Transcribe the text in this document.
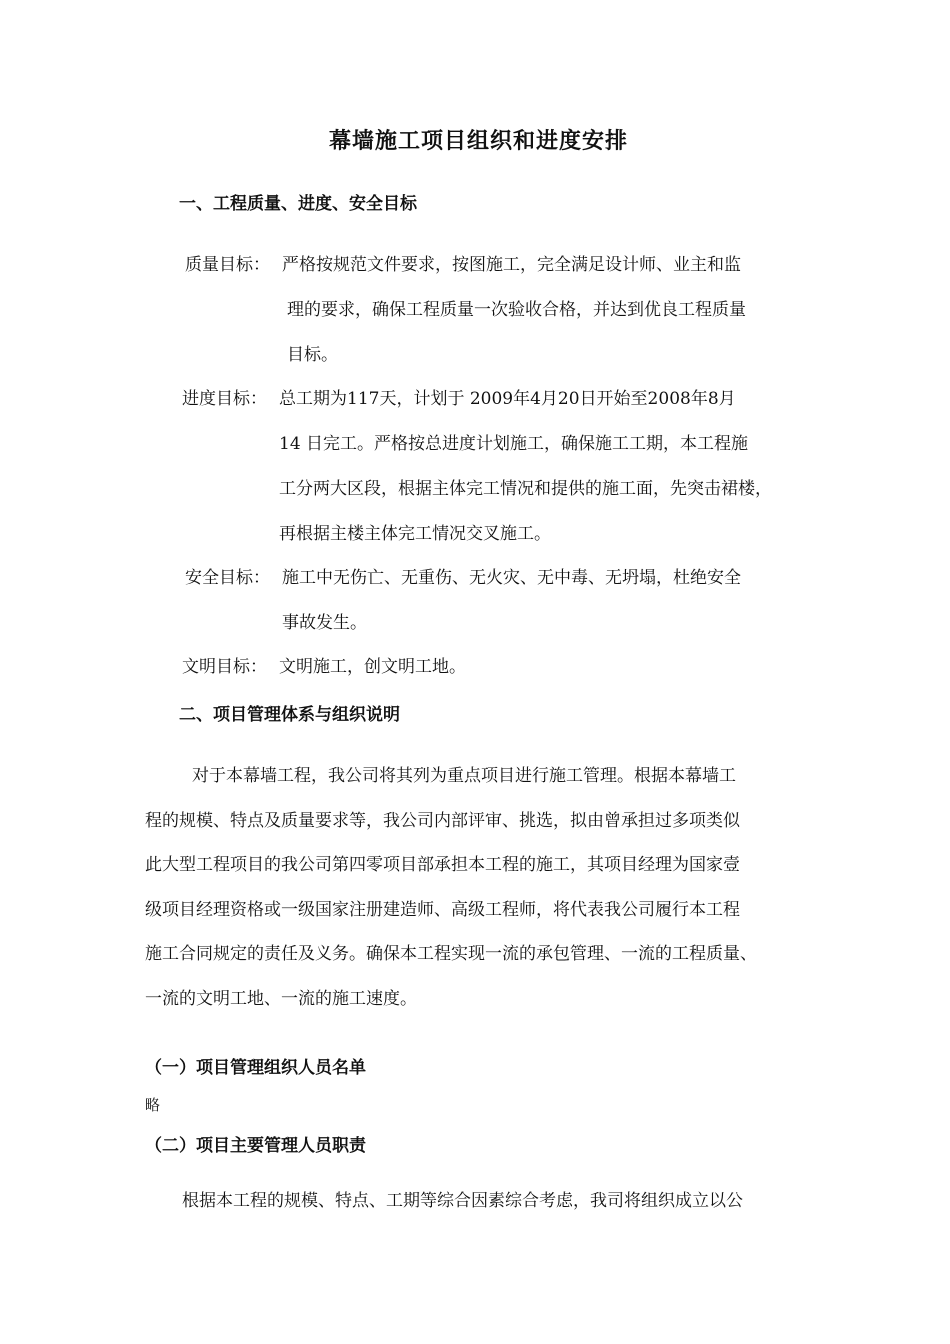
幕墙施工项目组织和进度安排
一、工程质量、进度、安全目标
质量目标： 严格按规范文件要求，按图施工，完全满足设计师、业主和监
理的要求，确保工程质量一次验收合格，并达到优良工程质量
目标。
进度目标： 总工期为117天，计划于 2009年4月20日开始至2008年8月
14 日完工。严格按总进度计划施工，确保施工工期，本工程施
工分两大区段，根据主体完工情况和提供的施工面，先突击裙楼，
再根据主楼主体完工情况交叉施工。
安全目标： 施工中无伤亡、无重伤、无火灾、无中毒、无坍塌，杜绝安全
事故发生。
文明目标： 文明施工，创文明工地。
二、项目管理体系与组织说明
对于本幕墙工程，我公司将其列为重点项目进行施工管理。根据本幕墙工
程的规模、特点及质量要求等，我公司内部评审、挑选，拟由曾承担过多项类似
此大型工程项目的我公司第四零项目部承担本工程的施工，其项目经理为国家壹
级项目经理资格或一级国家注册建造师、高级工程师，将代表我公司履行本工程
施工合同规定的责任及义务。确保本工程实现一流的承包管理、一流的工程质量、
一流的文明工地、一流的施工速度。
（一）项目管理组织人员名单
略
（二）项目主要管理人员职责
根据本工程的规模、特点、工期等综合因素综合考虑，我司将组织成立以公
